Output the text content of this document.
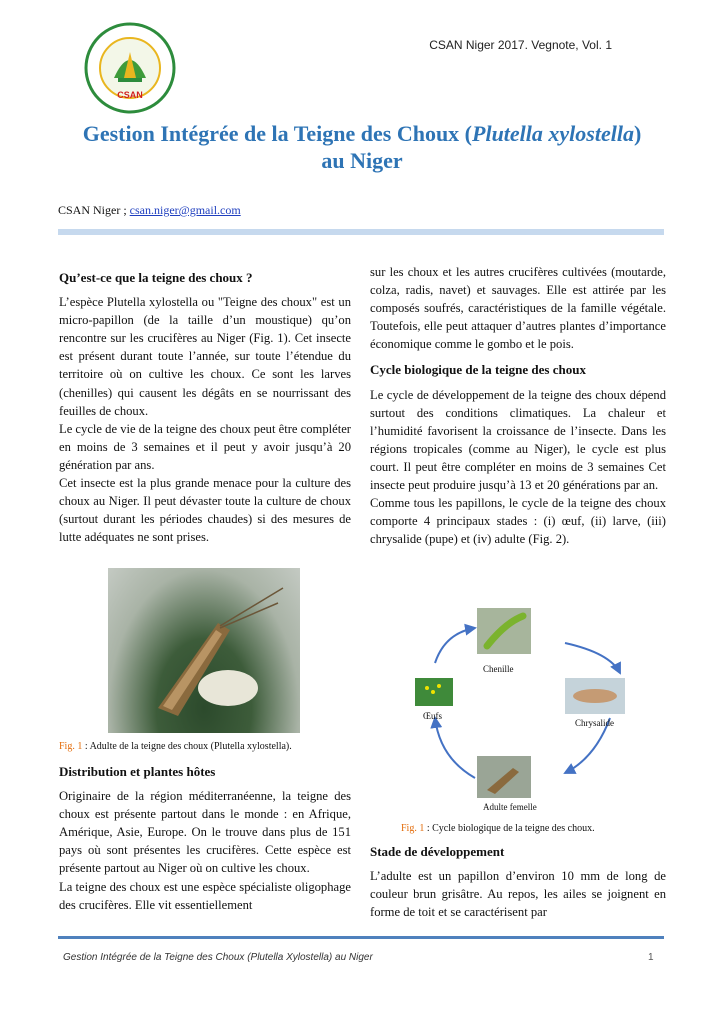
CSAN
CSAN Niger 2017. Vegnote, Vol. 1
Gestion Intégrée de la Teigne des Choux (Plutella xylostella)
au Niger
CSAN Niger ; csan.niger@gmail.com
Qu’est-ce que la teigne des choux ?

L’espèce Plutella xylostella ou "Teigne des choux" est un micro-papillon (de la taille d’un moustique) qu’on rencontre sur les crucifères au Niger (Fig. 1). Cet insecte est présent durant toute l’année, sur toute l’étendue du territoire où on cultive les choux. Ce sont les larves (chenilles) qui causent les dégâts en se nourrissant des feuilles de choux.

Le cycle de vie de la teigne des choux peut être compléter en moins de 3 semaines et il peut y avoir jusqu’à 20 génération par ans.

Cet insecte est la plus grande menace pour la culture des choux au Niger. Il peut dévaster toute la culture de choux (surtout durant les périodes chaudes) si des mesures de lutte adéquates ne sont prises.

Fig. 1 : Adulte de la teigne des choux (Plutella xylostella).
Distribution et plantes hôtes

Originaire de la région méditerranéenne, la teigne des choux est présente partout dans le monde : en Afrique, Amérique, Asie, Europe. On le trouve dans plus de 151 pays où sont présentes les crucifères. Cette espèce est présente partout au Niger où on cultive les choux.

La teigne des choux est une espèce spécialiste oligophage des crucifères. Elle vit essentiellement

sur les choux et les autres crucifères cultivées (moutarde, colza, radis, navet) et sauvages. Elle est attirée par les composés soufrés, caractéristiques de la famille végétale. Toutefois, elle peut attaquer d’autres plantes d’importance économique comme le gombo et le pois.

Cycle biologique de la teigne des choux

Le cycle de développement de la teigne des choux dépend surtout des conditions climatiques. La chaleur et l’humidité favorisent la croissance de l’insecte. Dans les régions tropicales (comme au Niger), le cycle est plus court. Il peut être compléter en moins de 3 semaines Cet insecte peut produire jusqu’à 13 et 20 générations par an.

Comme tous les papillons, le cycle de la teigne des choux comporte 4 principaux stades : (i) œuf, (ii) larve, (iii) chrysalide (pupe) et (iv) adulte (Fig. 2).

Chenille
Chrysalide
Œufs
Adulte femelle
Fig. 1 : Cycle biologique de la teigne des choux.
Stade de développement

L’adulte est un papillon d’environ 10 mm de long de couleur brun grisâtre. Au repos, les ailes se joignent en forme de toit et se caractérisent par

Gestion Intégrée de la Teigne des Choux (Plutella Xylostella) au Niger	1
